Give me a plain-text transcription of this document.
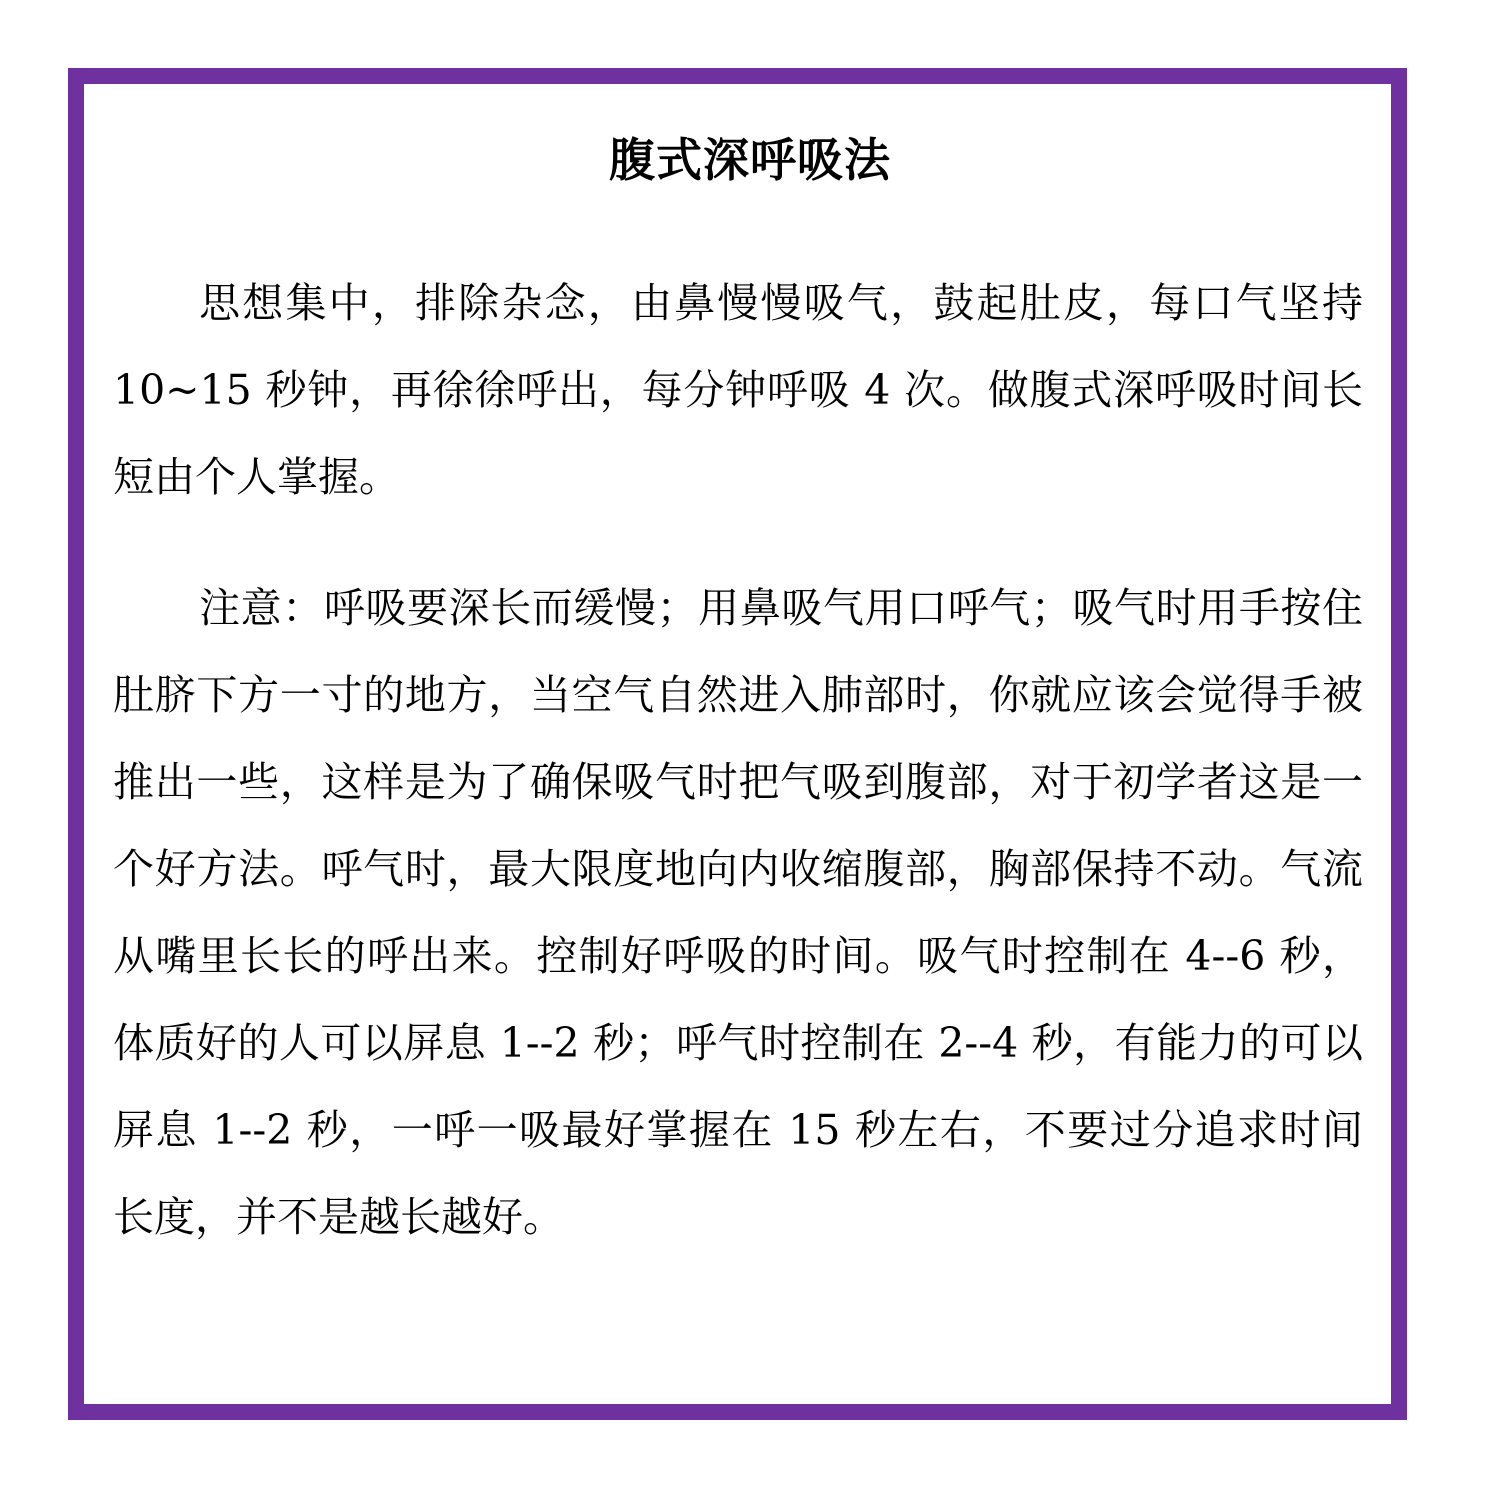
腹式深呼吸法

思想集中，排除杂念，由鼻慢慢吸气，鼓起肚皮，每口气坚持 10~15 秒钟，再徐徐呼出，每分钟呼吸 4 次。做腹式深呼吸时间长短由个人掌握。

注意：呼吸要深长而缓慢；用鼻吸气用口呼气；吸气时用手按住肚脐下方一寸的地方，当空气自然进入肺部时，你就应该会觉得手被推出一些，这样是为了确保吸气时把气吸到腹部，对于初学者这是一个好方法。呼气时，最大限度地向内收缩腹部，胸部保持不动。气流从嘴里长长的呼出来。控制好呼吸的时间。吸气时控制在 4--6 秒，体质好的人可以屏息 1--2 秒；呼气时控制在 2--4 秒，有能力的可以屏息 1--2 秒，一呼一吸最好掌握在 15 秒左右，不要过分追求时间长度，并不是越长越好。
